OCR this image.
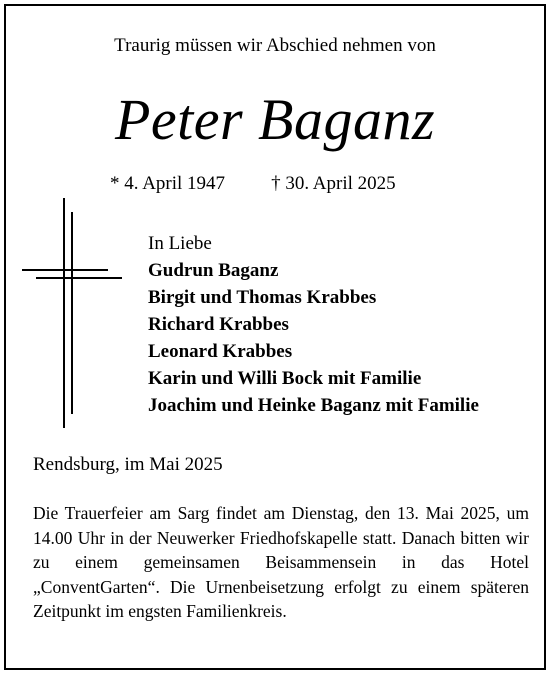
Traurig müssen wir Abschied nehmen von
Peter Baganz
* 4. April 1947 † 30. April 2025
In Liebe
Gudrun Baganz
Birgit und Thomas Krabbes
Richard Krabbes
Leonard Krabbes
Karin und Willi Bock mit Familie
Joachim und Heinke Baganz mit Familie
Rendsburg, im Mai 2025
Die Trauerfeier am Sarg findet am Dienstag, den 13. Mai 2025, um 14.00 Uhr in der Neuwerker Friedhofskapelle statt. Danach bitten wir zu einem gemeinsamen Beisammensein in das Hotel „ConventGarten“. Die Urnenbeisetzung erfolgt zu einem späteren Zeitpunkt im engsten Familienkreis.
